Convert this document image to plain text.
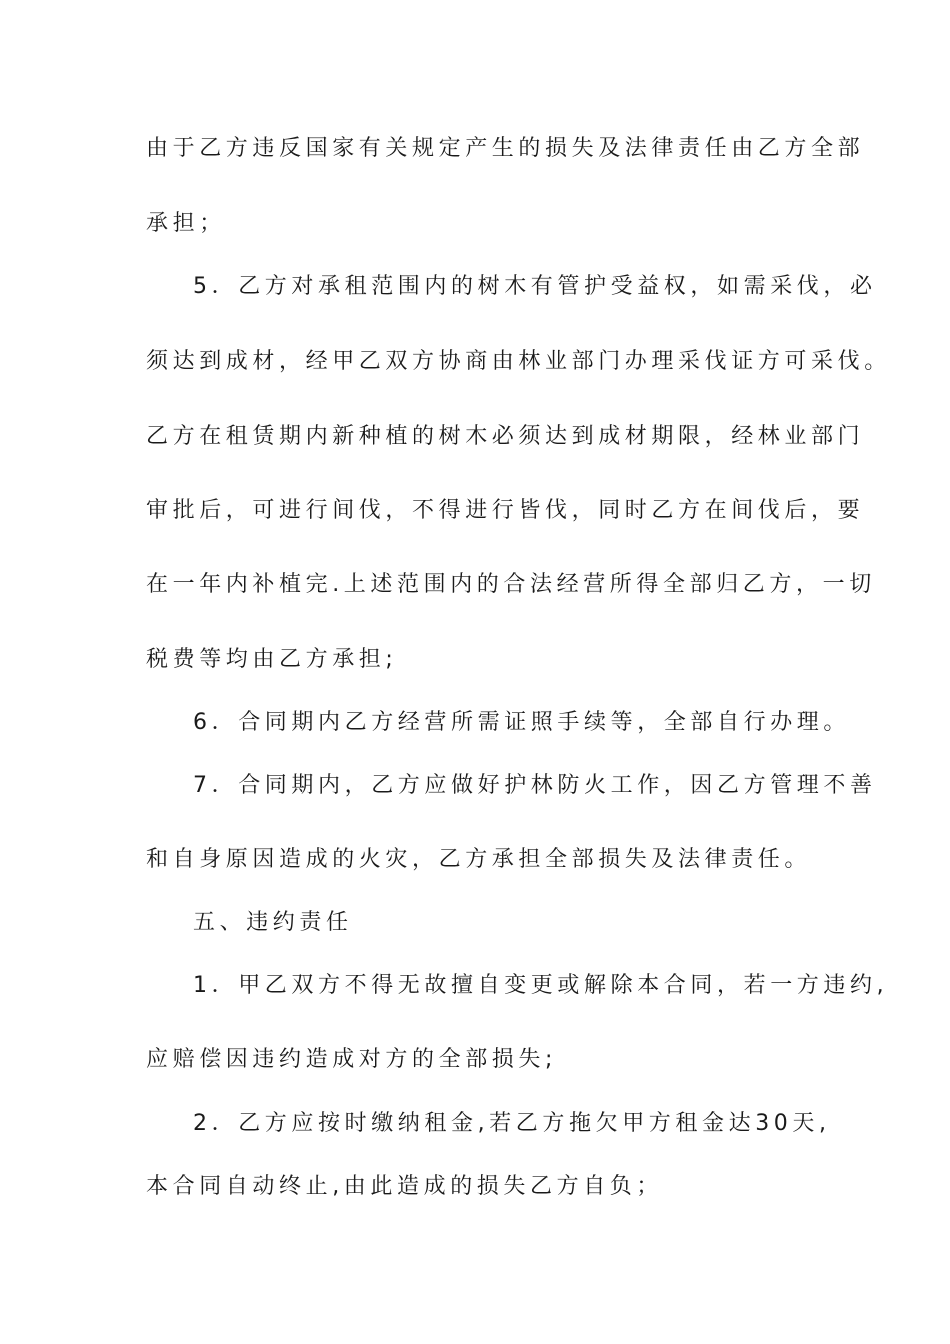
由于乙方违反国家有关规定产生的损失及法律责任由乙方全部
承担；
5．乙方对承租范围内的树木有管护受益权，如需采伐，必
须达到成材，经甲乙双方协商由林业部门办理采伐证方可采伐。
乙方在租赁期内新种植的树木必须达到成材期限，经林业部门
审批后，可进行间伐，不得进行皆伐，同时乙方在间伐后，要
在一年内补植完.上述范围内的合法经营所得全部归乙方，一切
税费等均由乙方承担;
6．合同期内乙方经营所需证照手续等，全部自行办理。
7．合同期内，乙方应做好护林防火工作，因乙方管理不善
和自身原因造成的火灾，乙方承担全部损失及法律责任。
五、违约责任
1．甲乙双方不得无故擅自变更或解除本合同，若一方违约,
应赔偿因违约造成对方的全部损失;
2．乙方应按时缴纳租金,若乙方拖欠甲方租金达30天,
本合同自动终止,由此造成的损失乙方自负；
